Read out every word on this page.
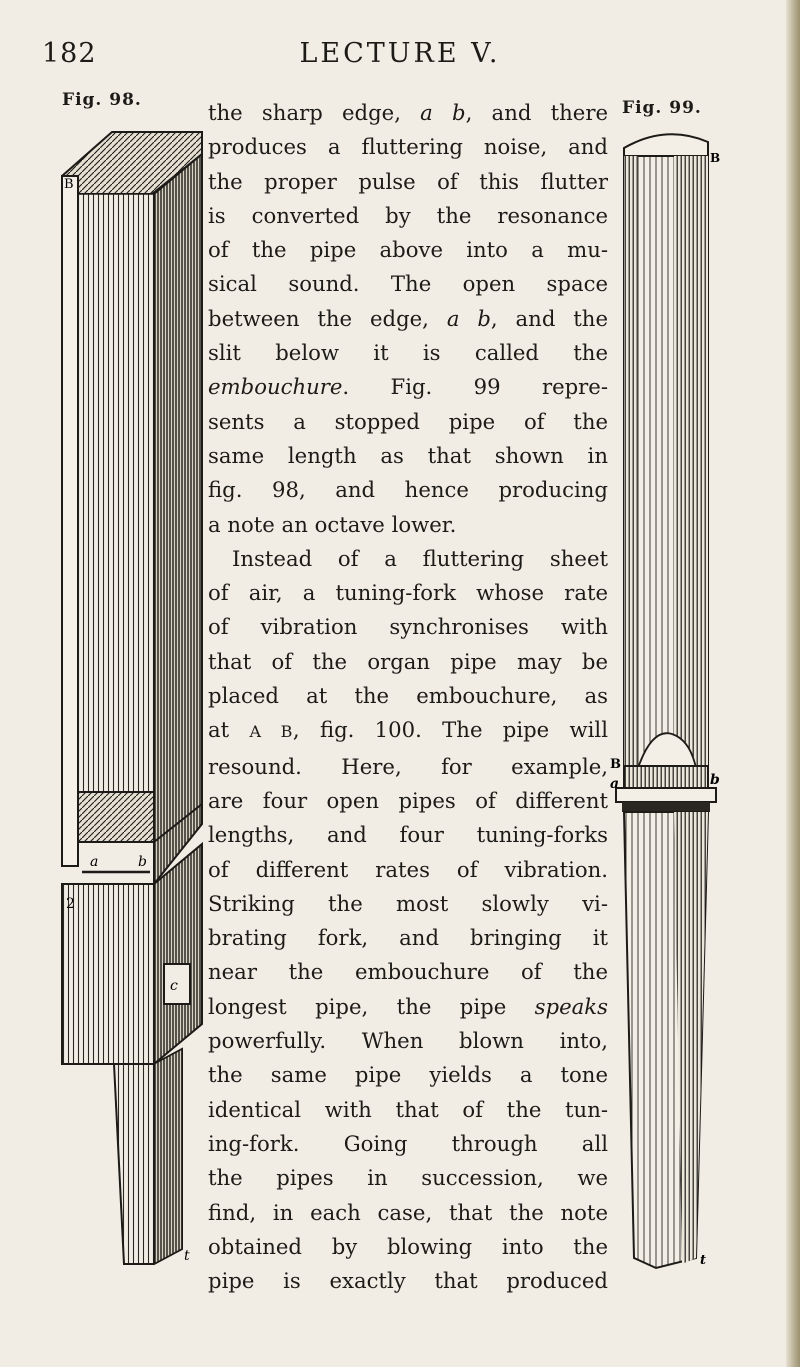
182	LECTURE V.
Fig. 98.	Fig. 99.
B
a	b
c
2
t
B
B
a	b
t
the sharp edge, a b, and there
produces a fluttering noise, and
the proper pulse of this flutter
is converted by the resonance
of the pipe above into a mu-
sical sound. The open space
between the edge, a b, and the
slit below it is called the
embouchure. Fig. 99 repre-
sents a stopped pipe of the
same length as that shown in
fig. 98, and hence producing
a note an octave lower.
Instead of a fluttering sheet
of air, a tuning-fork whose rate
of vibration synchronises with
that of the organ pipe may be
placed at the embouchure, as
at A B, fig. 100. The pipe will
resound. Here, for example,
are four open pipes of different
lengths, and four tuning-forks
of different rates of vibration.
Striking the most slowly vi-
brating fork, and bringing it
near the embouchure of the
longest pipe, the pipe speaks
powerfully. When blown into,
the same pipe yields a tone
identical with that of the tun-
ing-fork. Going through all
the pipes in succession, we
find, in each case, that the note
obtained by blowing into the
pipe is exactly that produced
